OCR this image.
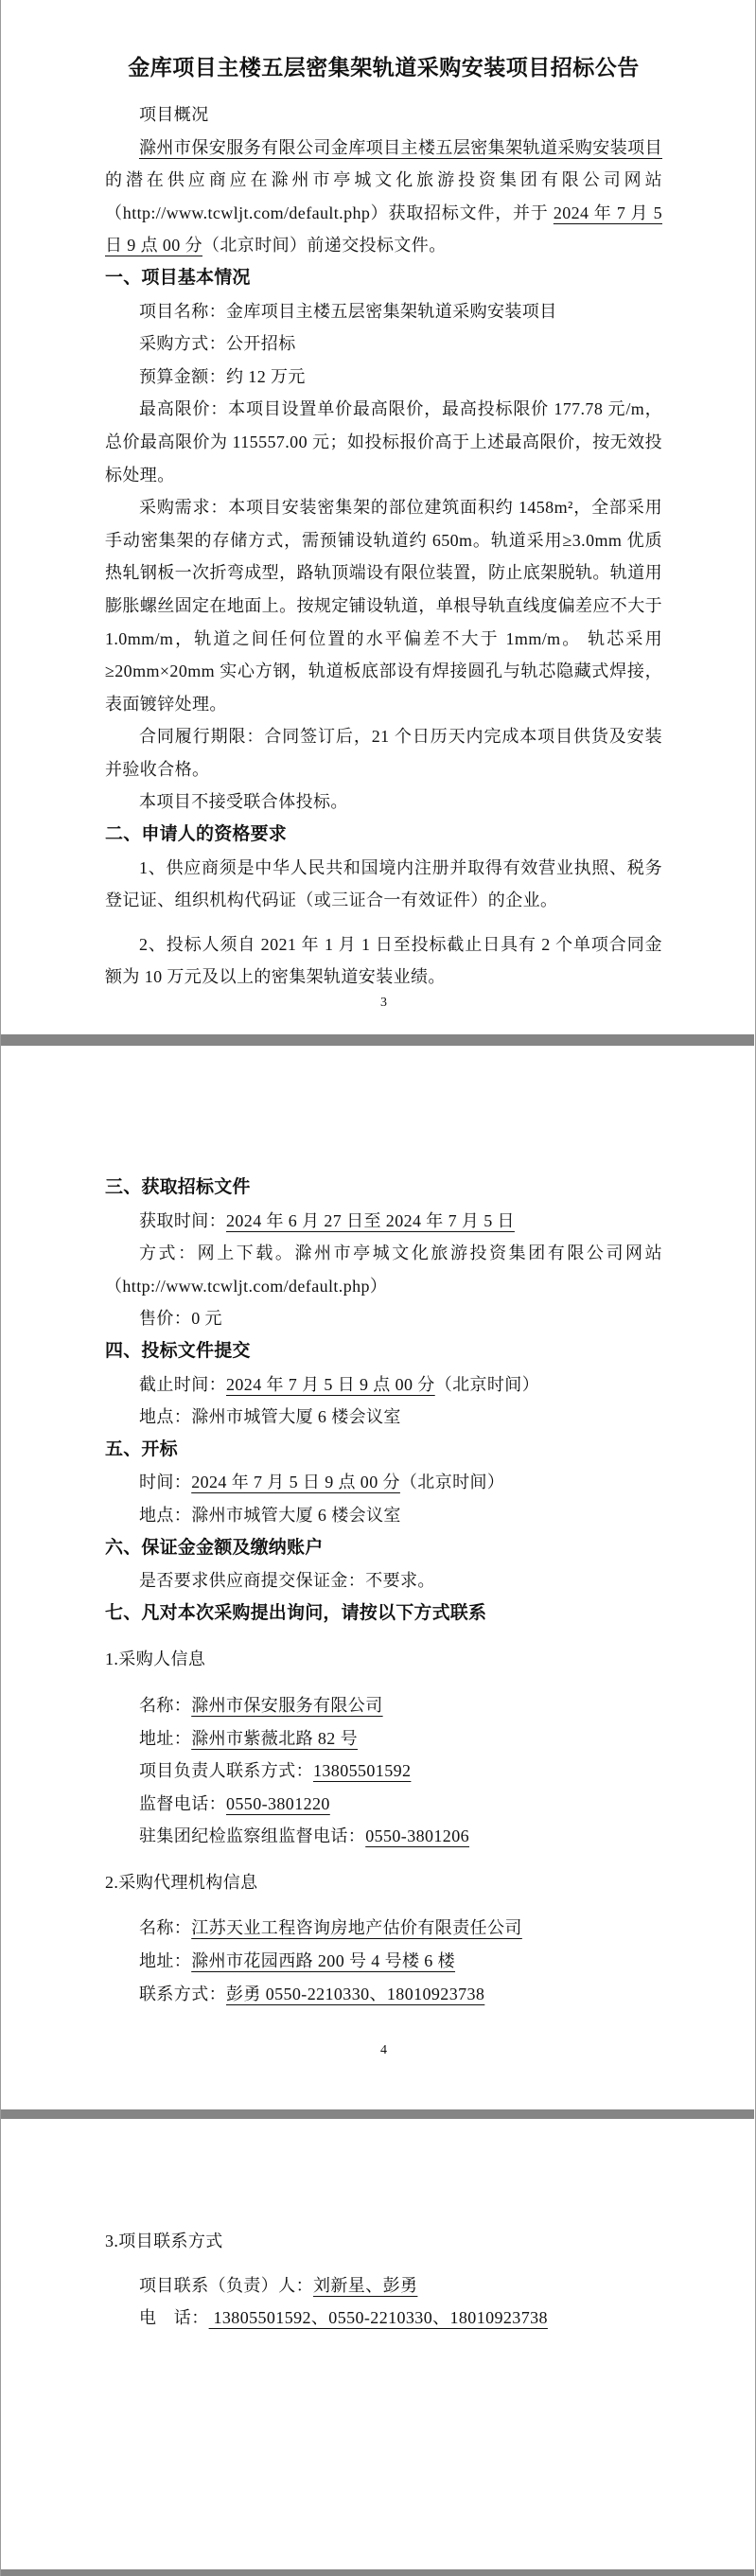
金库项目主楼五层密集架轨道采购安装项目招标公告

项目概况

滁州市保安服务有限公司金库项目主楼五层密集架轨道采购安装项目的潜在供应商应在滁州市亭城文化旅游投资集团有限公司网站（http://www.tcwljt.com/default.php）获取招标文件，并于 2024 年 7 月 5 日 9 点 00 分（北京时间）前递交投标文件。

一、项目基本情况

项目名称：金库项目主楼五层密集架轨道采购安装项目

采购方式：公开招标

预算金额：约 12 万元

最高限价：本项目设置单价最高限价，最高投标限价 177.78 元/m，总价最高限价为 115557.00 元；如投标报价高于上述最高限价，按无效投标处理。

采购需求：本项目安装密集架的部位建筑面积约 1458m²，全部采用手动密集架的存储方式，需预铺设轨道约 650m。轨道采用≥3.0mm 优质热轧钢板一次折弯成型，路轨顶端设有限位装置，防止底架脱轨。轨道用膨胀螺丝固定在地面上。按规定铺设轨道，单根导轨直线度偏差应不大于 1.0mm/m，轨道之间任何位置的水平偏差不大于 1mm/m。 轨芯采用≥20mm×20mm 实心方钢，轨道板底部设有焊接圆孔与轨芯隐藏式焊接，表面镀锌处理。

合同履行期限：合同签订后，21 个日历天内完成本项目供货及安装并验收合格。

本项目不接受联合体投标。

二、申请人的资格要求

1、供应商须是中华人民共和国境内注册并取得有效营业执照、税务登记证、组织机构代码证（或三证合一有效证件）的企业。

2、投标人须自 2021 年 1 月 1 日至投标截止日具有 2 个单项合同金额为 10 万元及以上的密集架轨道安装业绩。

3

三、获取招标文件

获取时间：2024 年 6 月 27 日至 2024 年 7 月 5 日

方式：网上下载。滁州市亭城文化旅游投资集团有限公司网站（http://www.tcwljt.com/default.php）

售价：0 元

四、投标文件提交

截止时间：2024 年 7 月 5 日 9 点 00 分（北京时间）

地点：滁州市城管大厦 6 楼会议室

五、开标

时间：2024 年 7 月 5 日 9 点 00 分（北京时间）

地点：滁州市城管大厦 6 楼会议室

六、保证金金额及缴纳账户

是否要求供应商提交保证金：不要求。

七、凡对本次采购提出询问，请按以下方式联系

1.采购人信息

名称：滁州市保安服务有限公司

地址：滁州市紫薇北路 82 号

项目负责人联系方式：13805501592

监督电话：0550-3801220

驻集团纪检监察组监督电话：0550-3801206

2.采购代理机构信息

名称：江苏天业工程咨询房地产估价有限责任公司

地址：滁州市花园西路 200 号 4 号楼 6 楼

联系方式：彭勇 0550-2210330、18010923738

4

3.项目联系方式

项目联系（负责）人：刘新星、彭勇

电　话： 13805501592、0550-2210330、18010923738
